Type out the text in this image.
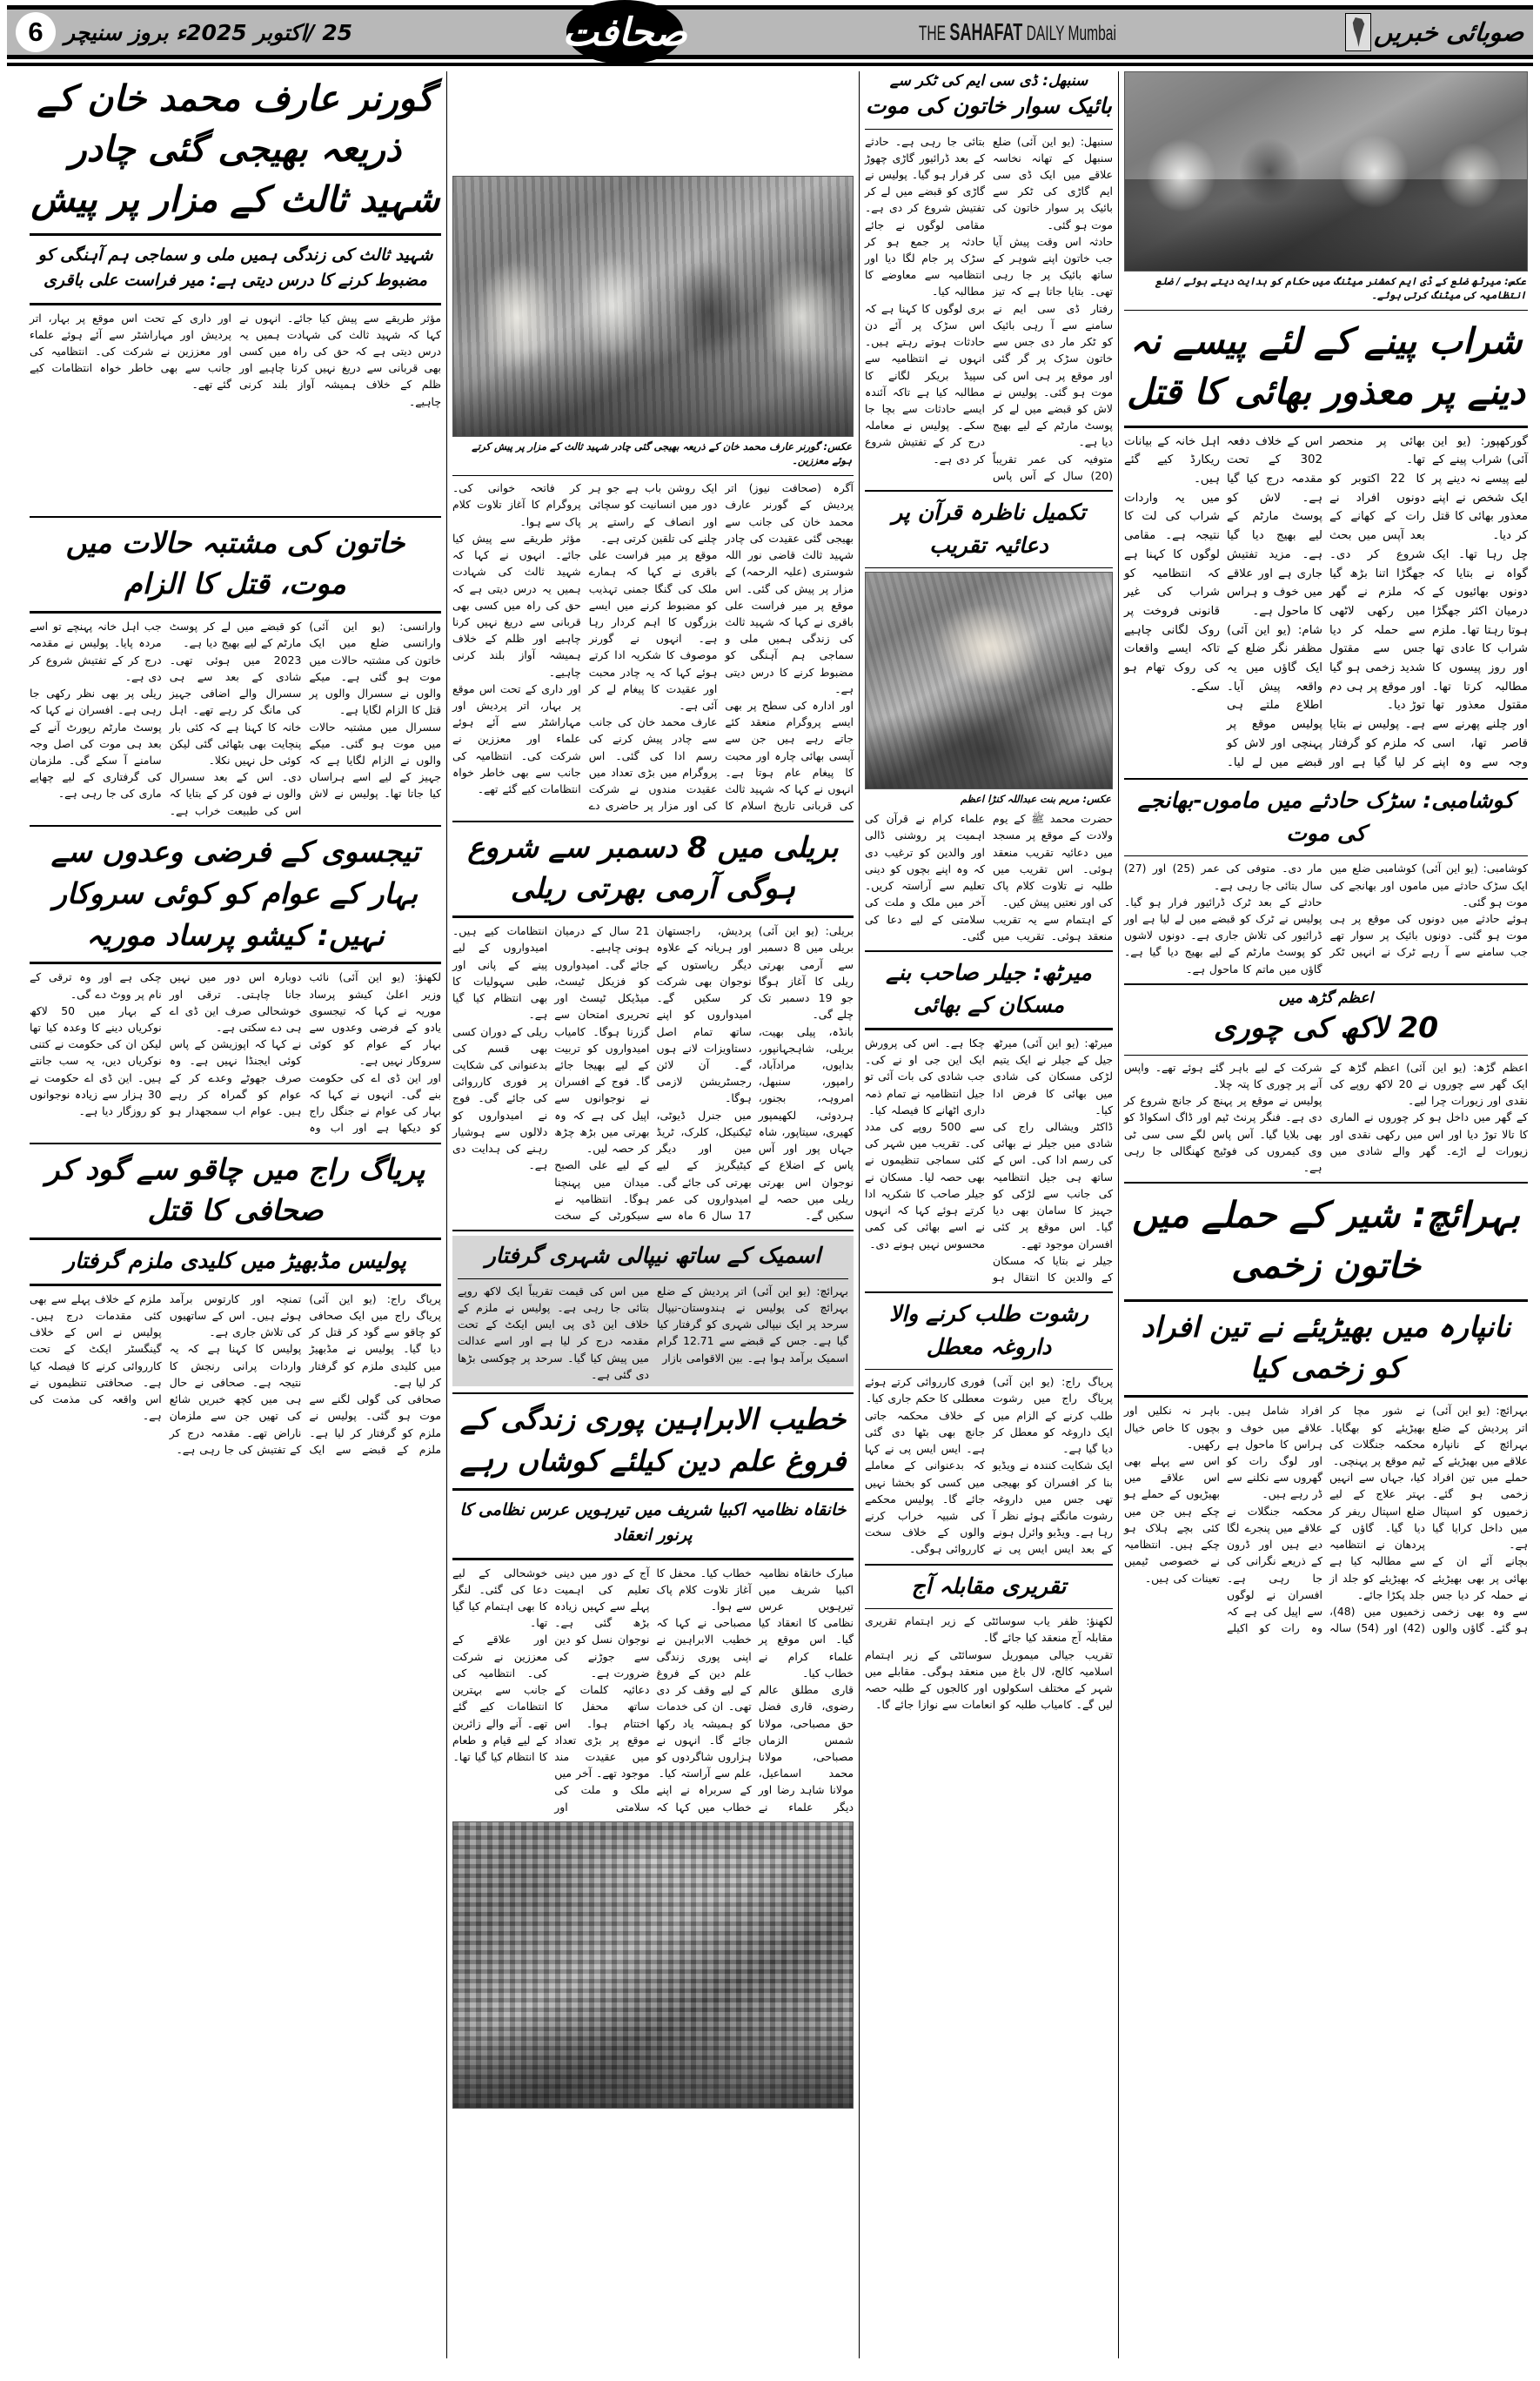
صوبائی خبریں
THE SAHAFAT DAILY Mumbai
صحافت
25 /اکتوبر 2025ء بروز سنیچر
6
عکس: میرٹھ ضلع کے ڈی ایم کمشنر میٹنگ میں حکام کو ہدایت دیتے ہوئے / ضلع انتظامیہ کی میٹنگ کرتی ہوئے۔
شراب پینے کے لئے پیسے نہ دینے پر معذور بھائی کا قتل

گورکھپور: (یو این آئی) شراب پینے کے لیے پیسے نہ دینے پر ایک شخص نے اپنے معذور بھائی کا قتل کر دیا۔

چل رہا تھا۔ ایک گواہ نے بتایا کہ دونوں بھائیوں کے درمیان اکثر جھگڑا ہوتا رہتا تھا۔ ملزم شراب کا عادی تھا اور روز پیسوں کا مطالبہ کرتا تھا۔ مقتول معذور تھا اور چلنے پھرنے سے قاصر تھا، اسی وجہ سے وہ اپنے بھائی پر منحصر تھا۔

کا 22 اکتوبر کو دونوں افراد نے رات کے کھانے کے بعد آپس میں بحث شروع کر دی۔ جھگڑا اتنا بڑھ گیا کہ ملزم نے گھر میں رکھی لاٹھی سے حملہ کر دیا جس سے مقتول شدید زخمی ہو گیا اور موقع پر ہی دم توڑ دیا۔

ہے۔ پولیس نے بتایا کہ ملزم کو گرفتار کر لیا گیا ہے اور اس کے خلاف دفعہ 302 کے تحت مقدمہ درج کیا گیا ہے۔ لاش کو پوسٹ مارٹم کے لیے بھیج دیا گیا ہے۔ مزید تفتیش جاری ہے اور علاقے میں خوف و ہراس کا ماحول ہے۔

شام: (یو این آئی) مظفر نگر ضلع کے ایک گاؤں میں یہ واقعہ پیش آیا۔ اطلاع ملتے ہی پولیس موقع پر پہنچی اور لاش کو قبضے میں لے لیا۔ اہل خانہ کے بیانات ریکارڈ کیے گئے ہیں۔

میں یہ واردات شراب کی لت کا نتیجہ ہے۔ مقامی لوگوں کا کہنا ہے کہ انتظامیہ کو شراب کی غیر قانونی فروخت پر روک لگانی چاہیے تاکہ ایسے واقعات کی روک تھام ہو سکے۔

کوشامبی: سڑک حادثے میں ماموں-بھانجے کی موت

کوشامبی: (یو این آئی) کوشامبی ضلع میں ایک سڑک حادثے میں ماموں اور بھانجے کی موت ہو گئی۔

ہوئے حادثے میں دونوں کی موقع پر ہی موت ہو گئی۔ دونوں بائیک پر سوار تھے جب سامنے سے آ رہے ٹرک نے انہیں ٹکر مار دی۔ متوفی کی عمر (25) اور (27) سال بتائی جا رہی ہے۔

حادثے کے بعد ٹرک ڈرائیور فرار ہو گیا۔ پولیس نے ٹرک کو قبضے میں لے لیا ہے اور ڈرائیور کی تلاش جاری ہے۔ دونوں لاشوں کو پوسٹ مارٹم کے لیے بھیج دیا گیا ہے۔ گاؤں میں ماتم کا ماحول ہے۔

اعظم گڑھ میں
20 لاکھ کی چوری

اعظم گڑھ: (یو این آئی) اعظم گڑھ کے ایک گھر سے چوروں نے 20 لاکھ روپے کی نقدی اور زیورات چرا لیے۔

کے گھر میں داخل ہو کر چوروں نے الماری کا تالا توڑ دیا اور اس میں رکھی نقدی اور زیورات لے اڑے۔ گھر والے شادی میں شرکت کے لیے باہر گئے ہوئے تھے۔ واپس آنے پر چوری کا پتہ چلا۔

پولیس نے موقع پر پہنچ کر جانچ شروع کر دی ہے۔ فنگر پرنٹ ٹیم اور ڈاگ اسکواڈ کو بھی بلایا گیا۔ آس پاس لگے سی سی ٹی وی کیمروں کی فوٹیج کھنگالی جا رہی ہے۔

بہرائچ: شیر کے حملے میں خاتون زخمی
نانپارہ میں بھیڑیئے نے تین افراد کو زخمی کیا

بہرائچ: (یو این آئی) اتر پردیش کے ضلع بہرائچ کے نانپارہ علاقے میں بھیڑیئے کے حملے میں تین افراد زخمی ہو گئے۔ زخمیوں کو اسپتال میں داخل کرایا گیا ہے۔

بچانے آئے ان کے بھائی پر بھی بھیڑیئے نے حملہ کر دیا جس سے وہ بھی زخمی ہو گئے۔ گاؤں والوں نے شور مچا کر بھیڑیئے کو بھگایا۔ محکمہ جنگلات کی ٹیم موقع پر پہنچی۔

کیا، جہاں سے انہیں بہتر علاج کے لیے ضلع اسپتال ریفر کر دیا گیا۔ گاؤں کے پردھان نے انتظامیہ سے مطالبہ کیا ہے کہ بھیڑیئے کو جلد از جلد پکڑا جائے۔

زخمیوں میں (48)، (42) اور (54) سالہ افراد شامل ہیں۔ علاقے میں خوف و ہراس کا ماحول ہے اور لوگ رات کو گھروں سے نکلنے سے ڈر رہے ہیں۔

محکمہ جنگلات نے علاقے میں پنجرے لگا دیے ہیں اور ڈرون کے ذریعے نگرانی کی جا رہی ہے۔ افسران نے لوگوں سے اپیل کی ہے کہ وہ رات کو اکیلے باہر نہ نکلیں اور بچوں کا خاص خیال رکھیں۔

اس سے پہلے بھی اس علاقے میں بھیڑیوں کے حملے ہو چکے ہیں جن میں کئی بچے ہلاک ہو چکے ہیں۔ انتظامیہ نے خصوصی ٹیمیں تعینات کی ہیں۔

سنبھل: ڈی سی ایم کی ٹکر سے
بائیک سوار خاتون کی موت

سنبھل: (یو این آئی) ضلع سنبھل کے تھانہ نخاسہ علاقے میں ایک ڈی سی ایم گاڑی کی ٹکر سے بائیک پر سوار خاتون کی موت ہو گئی۔

حادثہ اس وقت پیش آیا جب خاتون اپنے شوہر کے ساتھ بائیک پر جا رہی تھی۔ بتایا جاتا ہے کہ تیز رفتار ڈی سی ایم نے سامنے سے آ رہی بائیک کو ٹکر مار دی جس سے خاتون سڑک پر گر گئی اور موقع پر ہی اس کی موت ہو گئی۔ پولیس نے لاش کو قبضے میں لے کر پوسٹ مارٹم کے لیے بھیج دیا ہے۔

متوفیہ کی عمر تقریباً (20) سال کے آس پاس بتائی جا رہی ہے۔ حادثے کے بعد ڈرائیور گاڑی چھوڑ کر فرار ہو گیا۔ پولیس نے گاڑی کو قبضے میں لے کر تفتیش شروع کر دی ہے۔ مقامی لوگوں نے جائے حادثہ پر جمع ہو کر سڑک پر جام لگا دیا اور انتظامیہ سے معاوضے کا مطالبہ کیا۔

بری لوگوں کا کہنا ہے کہ اس سڑک پر آئے دن حادثات ہوتے رہتے ہیں۔ انہوں نے انتظامیہ سے سپیڈ بریکر لگانے کا مطالبہ کیا ہے تاکہ آئندہ ایسے حادثات سے بچا جا سکے۔ پولیس نے معاملہ درج کر کے تفتیش شروع کر دی ہے۔

تکمیل ناظرہ قرآن پر دعائیہ تقریب
عکس: مریم بنت عبداللہ کنڑا اعظم

حضرت محمد ﷺ کے یوم ولادت کے موقع پر مسجد میں دعائیہ تقریب منعقد ہوئی۔ اس تقریب میں طلبہ نے تلاوت کلام پاک کی اور نعتیں پیش کیں۔

کے اہتمام سے یہ تقریب منعقد ہوئی۔ تقریب میں علماء کرام نے قرآن کی اہمیت پر روشنی ڈالی اور والدین کو ترغیب دی کہ وہ اپنے بچوں کو دینی تعلیم سے آراستہ کریں۔ آخر میں ملک و ملت کی سلامتی کے لیے دعا کی گئی۔

میرٹھ: جیلر صاحب بنے مسکان کے بھائی

میرٹھ: (یو این آئی) میرٹھ جیل کے جیلر نے ایک یتیم لڑکی مسکان کی شادی میں بھائی کا فرض ادا کیا۔

ڈاکٹر ویشالی راج کی شادی میں جیلر نے بھائی کی رسم ادا کی۔ اس کے ساتھ ہی جیل انتظامیہ کی جانب سے لڑکی کو جہیز کا سامان بھی دیا گیا۔ اس موقع پر کئی افسران موجود تھے۔

جیلر نے بتایا کہ مسکان کے والدین کا انتقال ہو چکا ہے۔ اس کی پرورش ایک این جی او نے کی۔ جب شادی کی بات آئی تو جیل انتظامیہ نے تمام ذمہ داری اٹھانے کا فیصلہ کیا۔

سے 500 روپے کی مدد کی۔ تقریب میں شہر کی کئی سماجی تنظیموں نے بھی حصہ لیا۔ مسکان نے جیلر صاحب کا شکریہ ادا کرتے ہوئے کہا کہ انہوں نے اسے بھائی کی کمی محسوس نہیں ہونے دی۔

رشوت طلب کرنے والا داروغہ معطل

پریاگ راج: (یو این آئی) پریاگ راج میں رشوت طلب کرنے کے الزام میں ایک داروغہ کو معطل کر دیا گیا ہے۔

ایک شکایت کنندہ نے ویڈیو بنا کر افسران کو بھیجی تھی جس میں داروغہ رشوت مانگتے ہوئے نظر آ رہا ہے۔ ویڈیو وائرل ہونے کے بعد ایس ایس پی نے فوری کارروائی کرتے ہوئے معطلی کا حکم جاری کیا۔

کے خلاف محکمہ جاتی جانچ بھی بٹھا دی گئی ہے۔ ایس ایس پی نے کہا کہ بدعنوانی کے معاملے میں کسی کو بخشا نہیں جائے گا۔ پولیس محکمے کی شبیہ خراب کرنے والوں کے خلاف سخت کارروائی ہوگی۔

تقریری مقابلہ آج

لکھنؤ: ظفر یاب سوسائٹی کے زیر اہتمام تقریری مقابلہ آج منعقد کیا جائے گا۔

تقریب جیالی میموریل سوسائٹی کے زیر اہتمام اسلامیہ کالج، لال باغ میں منعقد ہوگی۔ مقابلے میں شہر کے مختلف اسکولوں اور کالجوں کے طلبہ حصہ لیں گے۔ کامیاب طلبہ کو انعامات سے نوازا جائے گا۔

عکس: گورنر عارف محمد خان کے ذریعہ بھیجی گئی چادر شہید ثالث کے مزار پر پیش کرتے ہوئے معززین۔

آگرہ (صحافت نیوز) اتر پردیش کے گورنر عارف محمد خان کی جانب سے بھیجی گئی عقیدت کی چادر شہید ثالث قاضی نور اللہ شوستری (علیہ الرحمہ) کے مزار پر پیش کی گئی۔ اس موقع پر میر فراست علی باقری نے کہا کہ شہید ثالث کی زندگی ہمیں ملی و سماجی ہم آہنگی کو مضبوط کرنے کا درس دیتی ہے۔

اور ادارہ کی سطح پر بھی ایسے پروگرام منعقد کئے جاتے رہے ہیں جن سے آپسی بھائی چارہ اور محبت کا پیغام عام ہوتا ہے۔ انہوں نے کہا کہ شہید ثالث کی قربانی تاریخ اسلام کا ایک روشن باب ہے جو ہر دور میں انسانیت کو سچائی اور انصاف کے راستے پر چلنے کی تلقین کرتی ہے۔

موقع پر میر فراست علی باقری نے کہا کہ ہمارے ملک کی گنگا جمنی تہذیب کو مضبوط کرنے میں ایسے بزرگوں کا اہم کردار رہا ہے۔ انہوں نے گورنر موصوف کا شکریہ ادا کرتے ہوئے کہا کہ یہ چادر محبت اور عقیدت کا پیغام لے کر آئی ہے۔

عارف محمد خان کی جانب سے چادر پیش کرنے کی رسم ادا کی گئی۔ اس پروگرام میں بڑی تعداد میں عقیدت مندوں نے شرکت کی اور مزار پر حاضری دے کر فاتحہ خوانی کی۔ پروگرام کا آغاز تلاوت کلام پاک سے ہوا۔

مؤثر طریقے سے پیش کیا جائے۔ انہوں نے کہا کہ شہید ثالث کی شہادت ہمیں یہ درس دیتی ہے کہ حق کی راہ میں کسی بھی قربانی سے دریغ نہیں کرنا چاہیے اور ظلم کے خلاف ہمیشہ آواز بلند کرنی چاہیے۔

اور داری کے تحت اس موقع پر بہار، اتر پردیش اور مہاراشٹر سے آئے ہوئے علماء اور معززین نے شرکت کی۔ انتظامیہ کی جانب سے بھی خاطر خواہ انتظامات کیے گئے تھے۔

بریلی میں 8 دسمبر سے شروع ہوگی آرمی بھرتی ریلی

بریلی: (یو این آئی) بریلی میں 8 دسمبر سے آرمی بھرتی ریلی کا آغاز ہوگا جو 19 دسمبر تک چلے گی۔

بانڈہ، پیلی بھیت، بریلی، شاہجہانپور، بدایوں، مرادآباد، رامپور، سنبھل، امروہہ، بجنور، ہردوئی، لکھیمپور کھیری، سیتاپور، شاہ جہاں پور اور آس پاس کے اضلاع کے نوجوان اس بھرتی ریلی میں حصہ لے سکیں گے۔

پردیش، راجستھان اور ہریانہ کے علاوہ دیگر ریاستوں کے نوجوان بھی شرکت کر سکیں گے۔ امیدواروں کو اپنے ساتھ تمام اصل دستاویزات لانے ہوں گے۔ آن لائن رجسٹریشن لازمی ہوگا۔

میں جنرل ڈیوٹی، ٹیکنیکل، کلرک، ٹریڈ مین اور دیگر کیٹیگریز کے لیے بھرتی کی جائے گی۔ امیدواروں کی عمر 17 سال 6 ماہ سے 21 سال کے درمیان ہونی چاہیے۔

جائے گی۔ امیدواروں کو فزیکل ٹیسٹ، میڈیکل ٹیسٹ اور تحریری امتحان سے گزرنا ہوگا۔ کامیاب امیدواروں کو تربیت کے لیے بھیجا جائے گا۔ فوج کے افسران نے نوجوانوں سے اپیل کی ہے کہ وہ بھرتی میں بڑھ چڑھ کر حصہ لیں۔

کے لیے علی الصبح میدان میں پہنچنا ہوگا۔ انتظامیہ نے سیکورٹی کے سخت انتظامات کیے ہیں۔ امیدواروں کے لیے پینے کے پانی اور طبی سہولیات کا بھی انتظام کیا گیا ہے۔

ریلی کے دوران کسی بھی قسم کی بدعنوانی کی شکایت پر فوری کارروائی کی جائے گی۔ فوج نے امیدواروں کو دلالوں سے ہوشیار رہنے کی ہدایت دی ہے۔

اسمیک کے ساتھ نیپالی شہری گرفتار

بہرائچ: (یو این آئی) اتر پردیش کے ضلع بہرائچ کی پولیس نے ہندوستان-نیپال سرحد پر ایک نیپالی شہری کو گرفتار کیا گیا ہے۔ جس کے قبضے سے 12.71 گرام اسمیک برآمد ہوا ہے۔ بین الاقوامی بازار

میں اس کی قیمت تقریباً ایک لاکھ روپے بتائی جا رہی ہے۔ پولیس نے ملزم کے خلاف این ڈی پی ایس ایکٹ کے تحت مقدمہ درج کر لیا ہے اور اسے عدالت میں پیش کیا گیا۔ سرحد پر چوکسی بڑھا دی گئی ہے۔

خطیب الابراہین پوری زندگی کے فروغ علم دین کیلئے کوشاں رہے
خانقاہ نظامیہ اکبیا شریف میں تیرہویں عرس نظامی کا پرنور انعقاد

مبارک خانقاہ نظامیہ اکبیا شریف میں تیرہویں عرس نظامی کا انعقاد کیا گیا۔ اس موقع پر علماء کرام نے خطاب کیا۔

قاری مطلق عالم رضوی، قاری فضل حق مصباحی، مولانا شمس الزماں مصباحی، مولانا محمد اسماعیل، مولانا شاہد رضا اور دیگر علماء نے خطاب کیا۔ محفل کا آغاز تلاوت کلام پاک سے ہوا۔

مصباحی نے کہا کہ خطیب الابراہین نے اپنی پوری زندگی علم دین کے فروغ کے لیے وقف کر دی تھی۔ ان کی خدمات کو ہمیشہ یاد رکھا جائے گا۔ انہوں نے ہزاروں شاگردوں کو علم سے آراستہ کیا۔

کے سربراہ نے اپنے خطاب میں کہا کہ آج کے دور میں دینی تعلیم کی اہمیت پہلے سے کہیں زیادہ بڑھ گئی ہے۔ نوجوان نسل کو دین سے جوڑنے کی ضرورت ہے۔

دعائیہ کلمات کے ساتھ محفل کا اختتام ہوا۔ اس موقع پر بڑی تعداد میں عقیدت مند موجود تھے۔ آخر میں ملک و ملت کی سلامتی اور خوشحالی کے لیے دعا کی گئی۔ لنگر کا بھی اہتمام کیا گیا تھا۔

اور علاقے کے معززین نے شرکت کی۔ انتظامیہ کی جانب سے بہترین انتظامات کیے گئے تھے۔ آنے والے زائرین کے لیے قیام و طعام کا انتظام کیا گیا تھا۔

گورنر عارف محمد خان کے ذریعہ بھیجی گئی چادر شہید ثالث کے مزار پر پیش
شہید ثالث کی زندگی ہمیں ملی و سماجی ہم آہنگی کو مضبوط کرنے کا درس دیتی ہے: میر فراست علی باقری

مؤثر طریقے سے پیش کیا جائے۔ انہوں نے کہا کہ شہید ثالث کی شہادت ہمیں یہ درس دیتی ہے کہ حق کی راہ میں کسی بھی قربانی سے دریغ نہیں کرنا چاہیے اور ظلم کے خلاف ہمیشہ آواز بلند کرنی چاہیے۔

اور داری کے تحت اس موقع پر بہار، اتر پردیش اور مہاراشٹر سے آئے ہوئے علماء اور معززین نے شرکت کی۔ انتظامیہ کی جانب سے بھی خاطر خواہ انتظامات کیے گئے تھے۔

خاتون کی مشتبہ حالات میں موت، قتل کا الزام

وارانسی: (یو این آئی) وارانسی ضلع میں ایک خاتون کی مشتبہ حالات میں موت ہو گئی ہے۔ میکے والوں نے سسرال والوں پر قتل کا الزام لگایا ہے۔

سسرال میں مشتبہ حالات میں موت ہو گئی۔ میکے والوں نے الزام لگایا ہے کہ جہیز کے لیے اسے ہراساں کیا جاتا تھا۔ پولیس نے لاش کو قبضے میں لے کر پوسٹ مارٹم کے لیے بھیج دیا ہے۔

2023 میں ہوئی تھی۔ شادی کے بعد سے ہی سسرال والے اضافی جہیز کی مانگ کر رہے تھے۔ اہل خانہ کا کہنا ہے کہ کئی بار پنچایت بھی بٹھائی گئی لیکن کوئی حل نہیں نکلا۔

دی۔ اس کے بعد سسرال والوں نے فون کر کے بتایا کہ اس کی طبیعت خراب ہے۔ جب اہل خانہ پہنچے تو اسے مردہ پایا۔ پولیس نے مقدمہ درج کر کے تفتیش شروع کر دی ہے۔

ریلی پر بھی نظر رکھی جا رہی ہے۔ افسران نے کہا کہ پوسٹ مارٹم رپورٹ آنے کے بعد ہی موت کی اصل وجہ سامنے آ سکے گی۔ ملزمان کی گرفتاری کے لیے چھاپے ماری کی جا رہی ہے۔

تیجسوی کے فرضی وعدوں سے بہار کے عوام کو کوئی سروکار نہیں: کیشو پرساد موریہ

لکھنؤ: (یو این آئی) نائب وزیر اعلیٰ کیشو پرساد موریہ نے کہا کہ تیجسوی یادو کے فرضی وعدوں سے بہار کے عوام کو کوئی سروکار نہیں ہے۔

اور این ڈی اے کی حکومت بنے گی۔ انہوں نے کہا کہ بہار کی عوام نے جنگل راج کو دیکھا ہے اور اب وہ دوبارہ اس دور میں نہیں جانا چاہتی۔ ترقی اور خوشحالی صرف این ڈی اے ہی دے سکتی ہے۔

نے کہا کہ اپوزیشن کے پاس کوئی ایجنڈا نہیں ہے۔ وہ صرف جھوٹے وعدے کر کے عوام کو گمراہ کر رہے ہیں۔ عوام اب سمجھدار ہو چکی ہے اور وہ ترقی کے نام پر ووٹ دے گی۔

کے بہار میں 50 لاکھ نوکریاں دینے کا وعدہ کیا تھا لیکن ان کی حکومت نے کتنی نوکریاں دیں، یہ سب جانتے ہیں۔ این ڈی اے حکومت نے 30 ہزار سے زیادہ نوجوانوں کو روزگار دیا ہے۔

پریاگ راج میں چاقو سے گود کر صحافی کا قتل
پولیس مڈبھیڑ میں کلیدی ملزم گرفتار

پریاگ راج: (یو این آئی) پریاگ راج میں ایک صحافی کو چاقو سے گود کر قتل کر دیا گیا۔ پولیس نے مڈبھیڑ میں کلیدی ملزم کو گرفتار کر لیا ہے۔

صحافی کی گولی لگنے سے موت ہو گئی۔ پولیس نے ملزم کو گرفتار کر لیا ہے۔ ملزم کے قبضے سے ایک تمنچہ اور کارتوس برآمد ہوئے ہیں۔ اس کے ساتھیوں کی تلاش جاری ہے۔

پولیس کا کہنا ہے کہ یہ واردات پرانی رنجش کا نتیجہ ہے۔ صحافی نے حال ہی میں کچھ خبریں شائع کی تھیں جن سے ملزمان ناراض تھے۔ مقدمہ درج کر کے تفتیش کی جا رہی ہے۔

ملزم کے خلاف پہلے سے بھی کئی مقدمات درج ہیں۔ پولیس نے اس کے خلاف گینگسٹر ایکٹ کے تحت کارروائی کرنے کا فیصلہ کیا ہے۔ صحافتی تنظیموں نے اس واقعہ کی مذمت کی ہے۔
